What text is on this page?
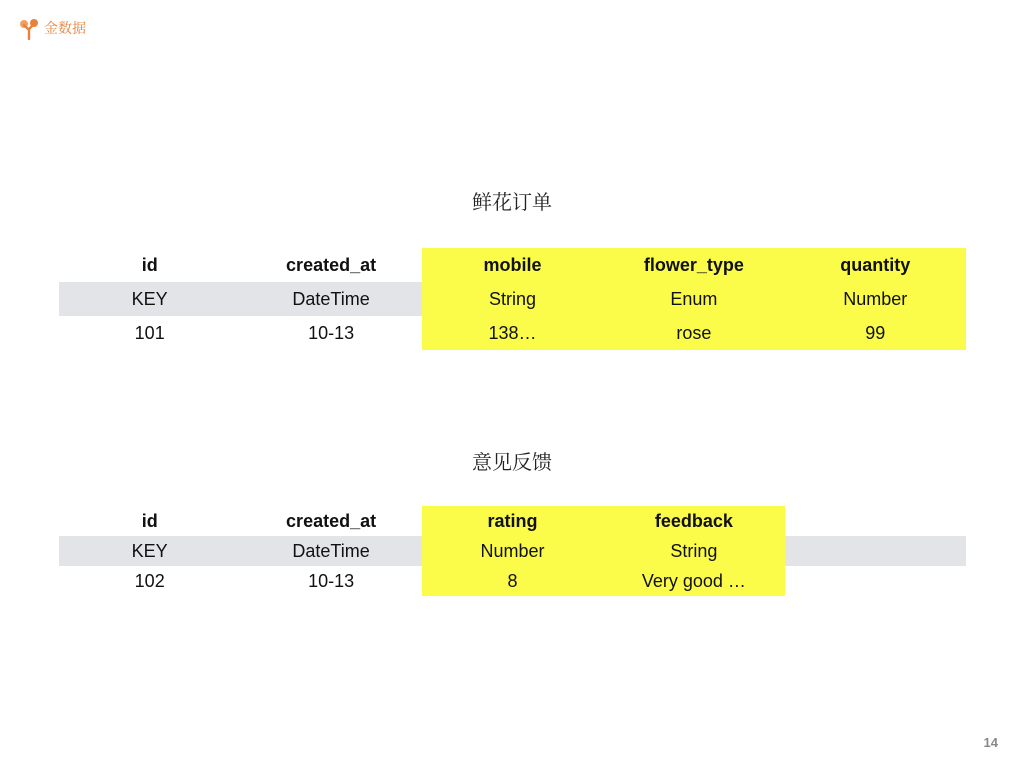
金数据
鲜花订单
id	created_at	mobile	flower_type	quantity
KEY	DateTime	String	Enum	Number
101	10-13	138…	rose	99
意见反馈
id	created_at	rating	feedback
KEY	DateTime	Number	String
102	10-13	8	Very good …
14
